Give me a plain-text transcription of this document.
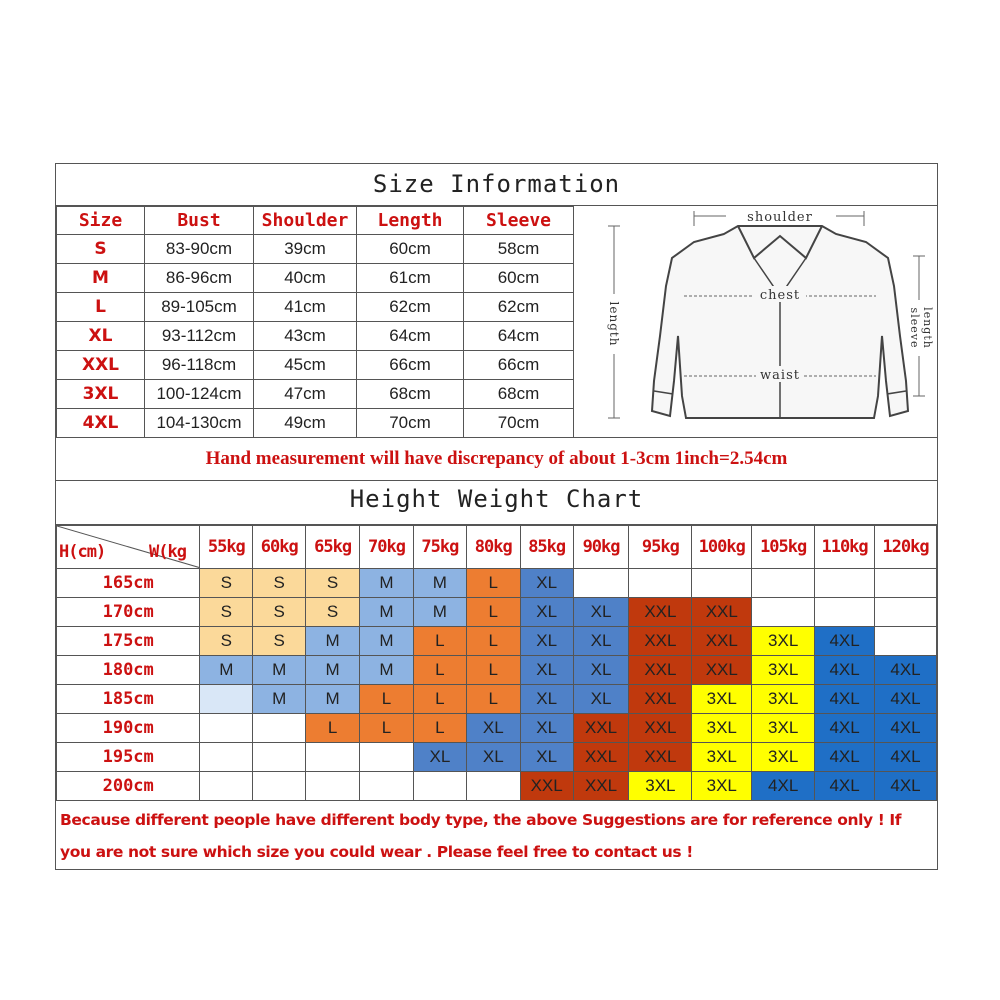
Size Information
Size	Bust	Shoulder	Length	Sleeve
S	83-90cm	39cm	60cm	58cm
M	86-96cm	40cm	61cm	60cm
L	89-105cm	41cm	62cm	62cm
XL	93-112cm	43cm	64cm	64cm
XXL	96-118cm	45cm	66cm	66cm
3XL	100-124cm	47cm	68cm	68cm
4XL	104-130cm	49cm	70cm	70cm
shoulder
chest
waist
length	sleeve length
Hand measurement will have discrepancy of about 1-3cm 1inch=2.54cm
Height Weight Chart
H(cm) W(kg	55kg	60kg	65kg	70kg	75kg	80kg	85kg	90kg	95kg	100kg	105kg	110kg	120kg
165cm	S	S	S	M	M	L	XL						
170cm	S	S	S	M	M	L	XL	XL	XXL	XXL			
175cm	S	S	M	M	L	L	XL	XL	XXL	XXL	3XL	4XL	
180cm	M	M	M	M	L	L	XL	XL	XXL	XXL	3XL	4XL	4XL
185cm		M	M	L	L	L	XL	XL	XXL	3XL	3XL	4XL	4XL
190cm			L	L	L	XL	XL	XXL	XXL	3XL	3XL	4XL	4XL
195cm					XL	XL	XL	XXL	XXL	3XL	3XL	4XL	4XL
200cm							XXL	XXL	3XL	3XL	4XL	4XL	4XL
Because different people have different body type, the above Suggestions are for reference only ! If you are not sure which size you could wear . Please feel free to contact us !
